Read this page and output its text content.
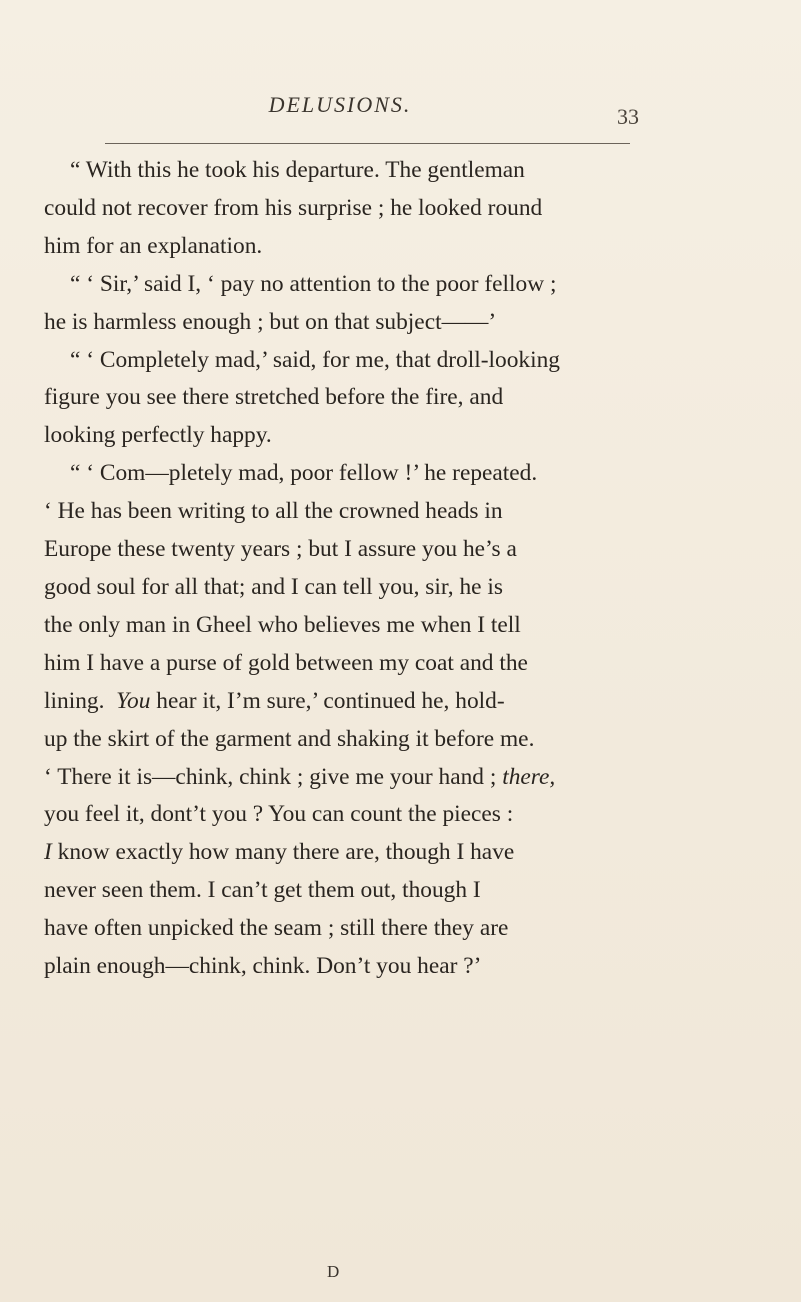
DELUSIONS.	33
“ With this he took his departure. The gentleman
could not recover from his surprise ; he looked round
him for an explanation.
“ ‘ Sir,’ said I, ‘ pay no attention to the poor fellow ;
he is harmless enough ; but on that subject——’
“ ‘ Completely mad,’ said, for me, that droll-looking
figure you see there stretched before the fire, and
looking perfectly happy.
“ ‘ Com—pletely mad, poor fellow !’ he repeated.
‘ He has been writing to all the crowned heads in
Europe these twenty years ; but I assure you he’s a
good soul for all that; and I can tell you, sir, he is
the only man in Gheel who believes me when I tell
him I have a purse of gold between my coat and the
lining. You hear it, I’m sure,’ continued he, hold-
up the skirt of the garment and shaking it before me.
‘ There it is—chink, chink ; give me your hand ; there,
you feel it, dont’t you ? You can count the pieces :
I know exactly how many there are, though I have
never seen them. I can’t get them out, though I
have often unpicked the seam ; still there they are
plain enough—chink, chink. Don’t you hear ?’
D
